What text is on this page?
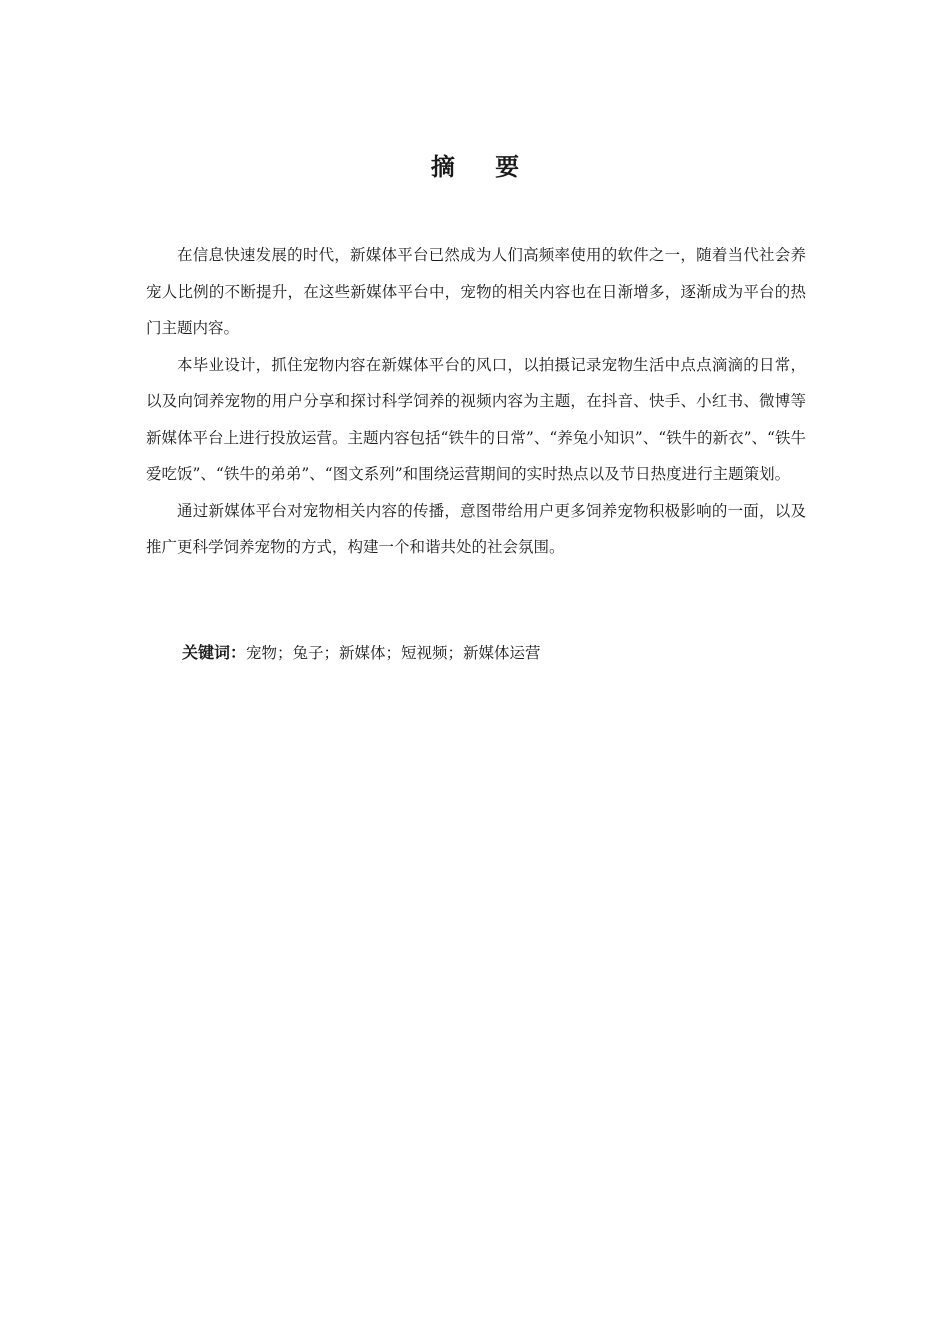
摘 要

在信息快速发展的时代，新媒体平台已然成为人们高频率使用的软件之一，随着当代社会养宠人比例的不断提升，在这些新媒体平台中，宠物的相关内容也在日渐增多，逐渐成为平台的热门主题内容。

本毕业设计，抓住宠物内容在新媒体平台的风口，以拍摄记录宠物生活中点点滴滴的日常，以及向饲养宠物的用户分享和探讨科学饲养的视频内容为主题，在抖音、快手、小红书、微博等新媒体平台上进行投放运营。主题内容包括“铁牛的日常”、“养兔小知识”、“铁牛的新衣”、“铁牛爱吃饭”、“铁牛的弟弟”、“图文系列”和围绕运营期间的实时热点以及节日热度进行主题策划。

通过新媒体平台对宠物相关内容的传播，意图带给用户更多饲养宠物积极影响的一面，以及推广更科学饲养宠物的方式，构建一个和谐共处的社会氛围。

关键词：宠物；兔子；新媒体；短视频；新媒体运营
